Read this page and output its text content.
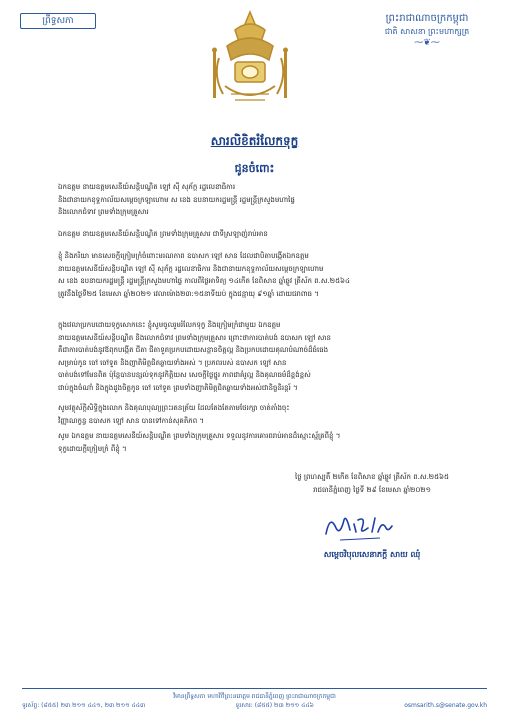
ព្រឹទ្ធសភា	ព្រះរាជាណាចក្រកម្ពុជា
ជាតិ សាសនា ព្រះមហាក្សត្រ
⁓❦⁓
សារលិខិតរំលែកទុក្ខ
ជូនចំពោះ
ឯកឧត្តម នាយឧត្តមសេនីយ៍សន្តិបណ្ឌិត ឡៅ ស៊ី សុភ័ក្ត រដ្ឋលេខាធិការ
និងជានាយកខុទ្ទកាល័យសម្តេចក្រឡាហោម ស ខេង ឧបនាយករដ្ឋមន្ត្រី រដ្ឋមន្ត្រីក្រសួងមហាផ្ទៃ
និងលោកជំទាវ ព្រមទាំងក្រុមគ្រួសារ
ឯកឧត្តម នាយឧត្តមសេនីយ៍សន្តិបណ្ឌិត ព្រមទាំងក្រុមគ្រួសារ ជាទីស្រឡាញ់រាប់អាន
ខ្ញុំ និងភរិយា មានសេចក្តីក្រៀមក្រំចំពោះមរណភាព ឧបាសក ឡៅ សាន ដែលជាបិតាបង្កើតឯកឧត្តម
នាយឧត្តមសេនីយ៍សន្តិបណ្ឌិត ឡៅ ស៊ី សុភ័ក្ត រដ្ឋលេខាធិការ និងជានាយកខុទ្ទកាល័យសម្តេចក្រឡាហោម
ស ខេង ឧបនាយករដ្ឋមន្ត្រី រដ្ឋមន្ត្រីក្រសួងមហាផ្ទៃ កាលពីថ្ងៃអាទិត្យ ១៤កើត ខែពិសាខ ឆ្នាំឆ្លូវ ត្រីស័ក ព.ស.២៥៦៤
ត្រូវនឹងថ្ងៃទី២៥ ខែមេសា ឆ្នាំ២០២១ វេលាម៉ោង២៣:១៥នាទីយប់ ក្នុងជន្មាយុ ៩១ឆ្នាំ ដោយជរាពាធ ។
ក្នុងវេលាប្រកបដោយទុក្ខសោកនេះ ខ្ញុំសូមចូលរួមរំលែកទុក្ខ និងក្រៀមក្រំជាមួយ ឯកឧត្តម
នាយឧត្តមសេនីយ៍សន្តិបណ្ឌិត និងលោកជំទាវ ព្រមទាំងក្រុមគ្រួសារ ព្រោះថាការបាត់បង់ ឧបាសក ឡៅ សាន
គឺជាការបាត់បង់នូវឪពុកបង្កើត ជីតា ជីតាទួតប្រកបដោយសន្តានចិត្តល្អ និងប្រកបដោយគុណបំណាច់ដ៏ធំធេង
សម្រាប់កូន ចៅ ចៅទួត និងញាតិមិត្តជិតឆ្ងាយទាំងអស់ ។ ប្រភពរបស់ ឧបាសក ឡៅ សាន
បាត់បង់ទៅមែនពិត ប៉ុន្តែបានបន្សល់ទុកនូវកិត្តិយស សេចក្តីថ្លៃថ្នូរ ភាពជាគំរូល្អ និងគុណធម៌ដ៏ខ្ពង់ខ្ពស់
ជាប់ក្នុងចំណាំ និងក្នុងដួងចិត្តកូន ចៅ ចៅទួត ព្រមទាំងញាតិមិត្តជិតឆ្ងាយទាំងអស់ជានិច្ចនិរន្តរ៍ ។
សូមវត្ថុស័ក្តិសិទ្ធិក្នុងលោក និងគុណបុណ្យព្រះរតនត្រ័យ ដែលតែងតែតាមថែរក្សា ចាត់តាំងចុះ
វិញ្ញាណក្ខន្ធ ឧបាសក ឡៅ សាន បានទៅកាន់សុគតិភព ។
សូម ឯកឧត្តម នាយឧត្តមសេនីយ៍សន្តិបណ្ឌិត ព្រមទាំងក្រុមគ្រួសារ ទទួលនូវការគោរពរាប់អានដ៏ស្មោះស្ម័គ្រពីខ្ញុំ ។
ទុក្ខដោយក្តីក្រៀមក្រំ ពីខ្ញុំ ។
ថ្ងៃ ព្រហស្បតិ៍ ២កើត ខែពិសាខ ឆ្នាំឆ្លូវ ត្រីស័ក ព.ស.២៥៦៥
រាជធានីភ្នំពេញ ថ្ងៃទី ២៩ ខែមេសា ឆ្នាំ២០២១
សម្តេចវិបុលសេនាភក្តី សាយ ឈុំ
វិមានព្រឹទ្ធសភា មហាវិថីព្រះនរោត្តម រាជធានីភ្នំពេញ ព្រះរាជាណាចក្រកម្ពុជា
ទូរស័ព្ទ: (៨៥៥) ២៣ ២១១ ៤៤១, ២៣ ២១១ ៤៤៣	ទូរសារ: (៨៥៥) ២៣ ២១១ ៤៤៦	osmsarith.s@senate.gov.kh
